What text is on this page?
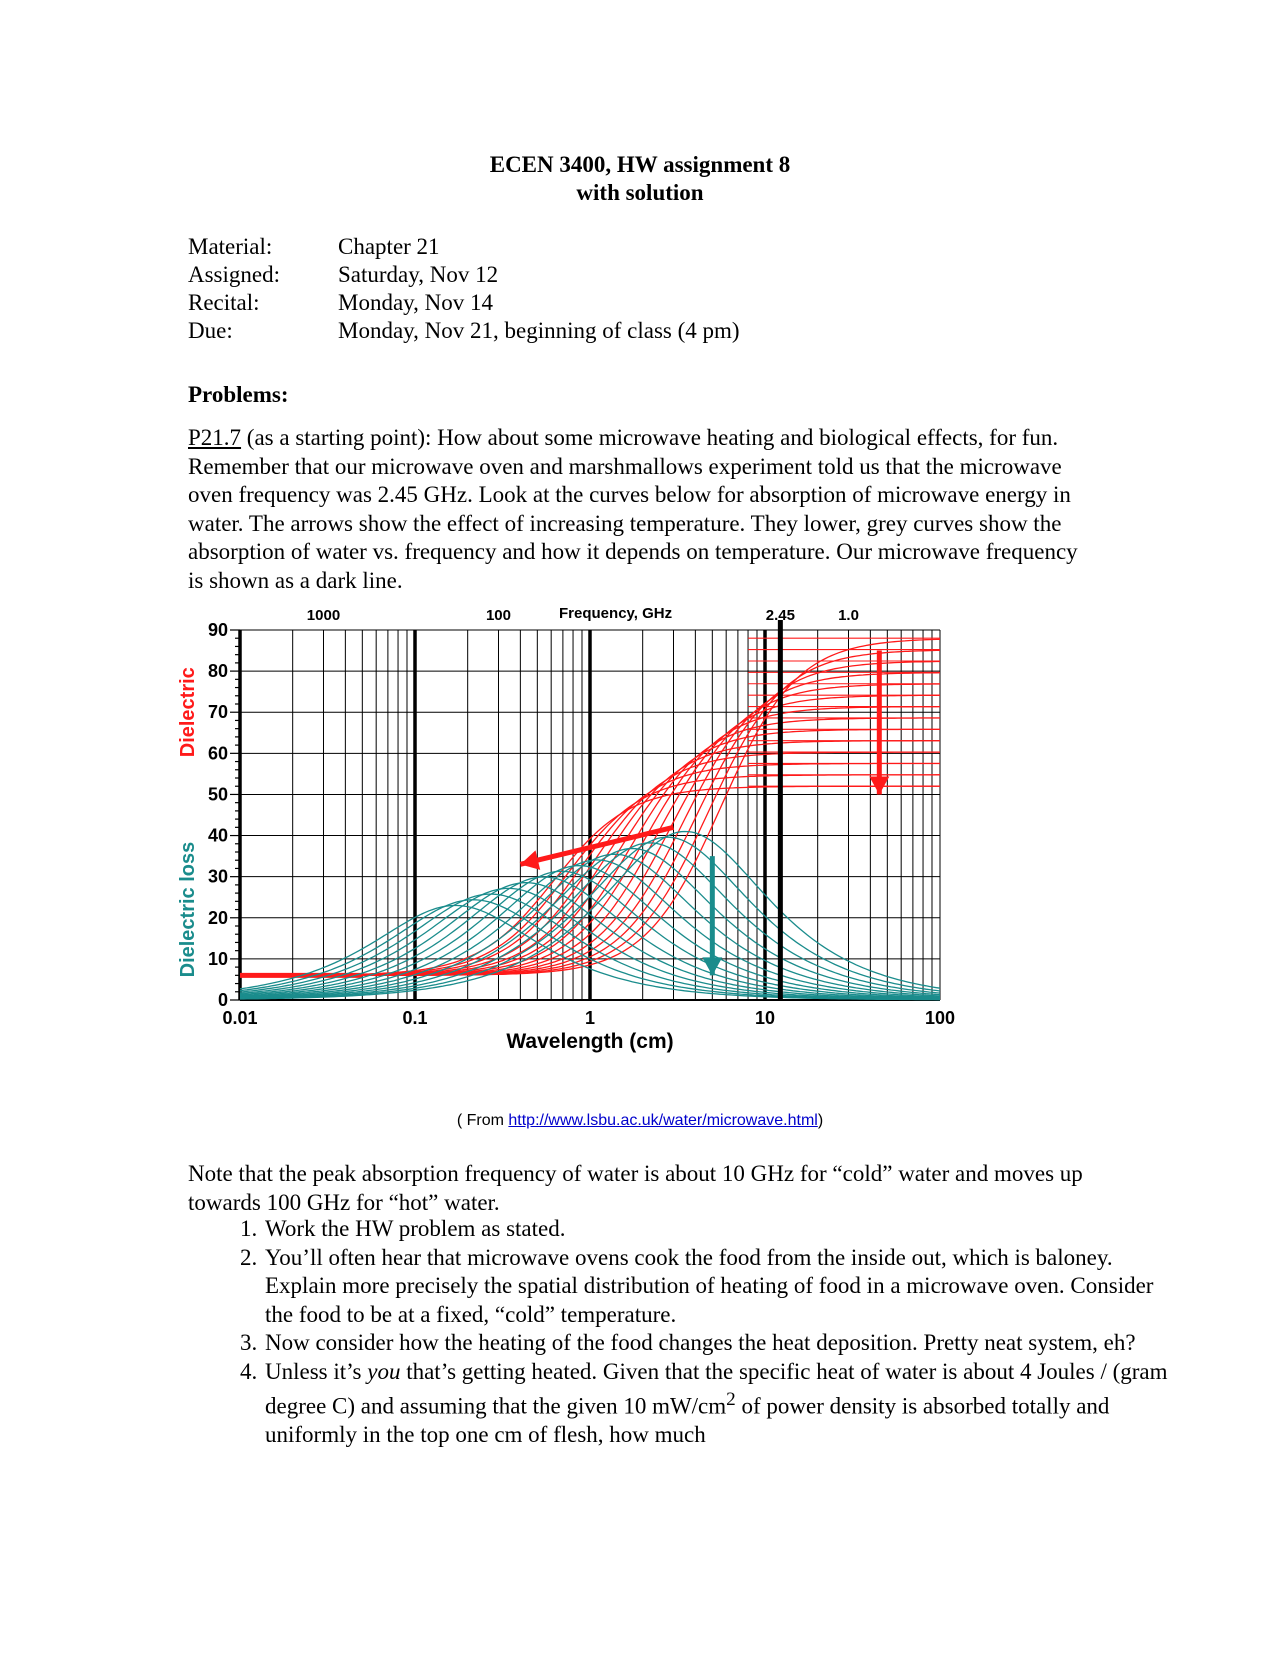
ECEN 3400, HW assignment 8
with solution
Material:	Chapter 21
Assigned:	Saturday, Nov 12
Recital:	Monday, Nov 14
Due:	Monday, Nov 21, beginning of class (4 pm)
Problems:
P21.7 (as a starting point): How about some microwave heating and biological effects, for fun. Remember that our microwave oven and marshmallows experiment told us that the microwave oven frequency was 2.45 GHz. Look at the curves below for absorption of microwave energy in water. The arrows show the effect of increasing temperature. They lower, grey curves show the absorption of water vs. frequency and how it depends on temperature. Our microwave frequency is shown as a dark line.
0
10
20
30
40
50
60
70
80
90
0.01	0.1	1	10	100
1000	100	2.45	1.0
Frequency, GHz
Wavelength (cm)
Dielectric
Dielectric loss
( From http://www.lsbu.ac.uk/water/microwave.html)
Note that the peak absorption frequency of water is about 10 GHz for “cold” water and moves up towards 100 GHz for “hot” water.
1. Work the HW problem as stated.
2. You’ll often hear that microwave ovens cook the food from the inside out, which is baloney. Explain more precisely the spatial distribution of heating of food in a microwave oven. Consider the food to be at a fixed, “cold” temperature.
3. Now consider how the heating of the food changes the heat deposition. Pretty neat system, eh?
4. Unless it’s you that’s getting heated. Given that the specific heat of water is about 4 Joules / (gram degree C) and assuming that the given 10 $mW/cm^2$ of power density is absorbed totally and uniformly in the top one cm of flesh, how much
